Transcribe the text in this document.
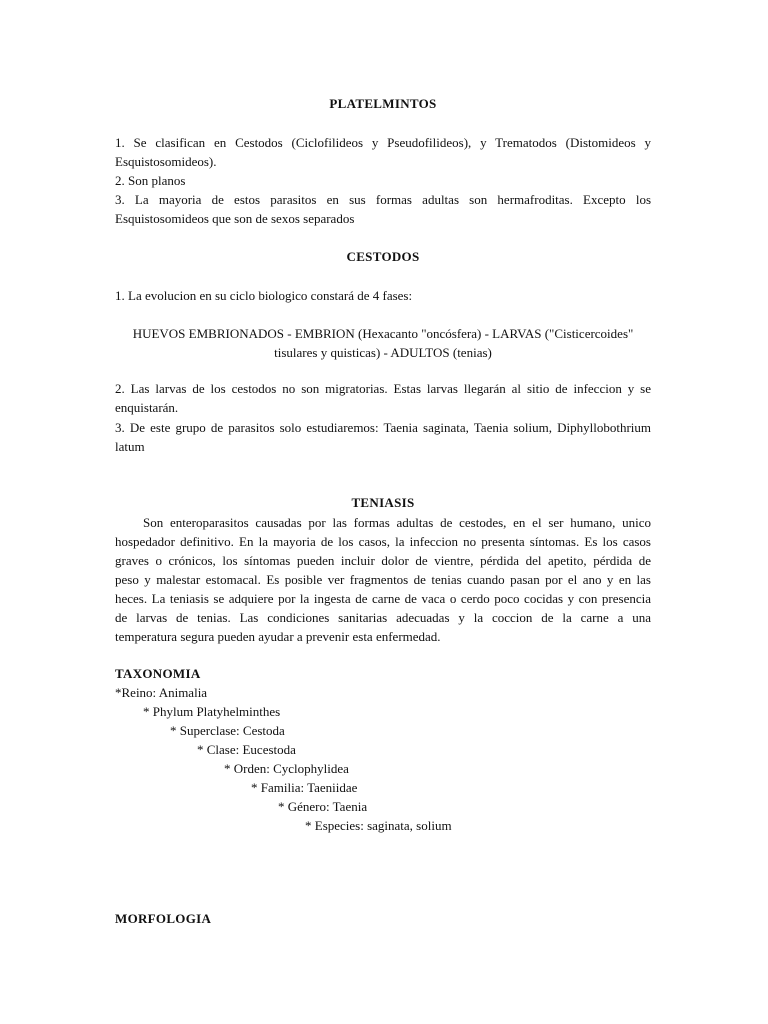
PLATELMINTOS
1. Se clasifican en Cestodos (Ciclofilideos y Pseudofilideos), y Trematodos (Distomideos y
Esquistosomideos).
2. Son planos
3. La mayoria de estos parasitos en sus formas adultas son hermafroditas. Excepto los
Esquistosomideos que son de sexos separados
CESTODOS
1. La evolucion en su ciclo biologico constará de 4 fases:
HUEVOS EMBRIONADOS - EMBRION (Hexacanto "oncósfera) - LARVAS ("Cisticercoides"
tisulares y quisticas) - ADULTOS (tenias)
2. Las larvas de los cestodos no son migratorias. Estas larvas llegarán al sitio de infeccion y se
enquistarán.
3. De este grupo de parasitos solo estudiaremos: Taenia saginata, Taenia solium, Diphyllobothrium
latum
TENIASIS
Son enteroparasitos causadas por las formas adultas de cestodes, en el ser humano, unico
hospedador definitivo. En la mayoria de los casos, la infeccion no presenta síntomas. Es los casos
graves o crónicos, los síntomas pueden incluir dolor de vientre, pérdida del apetito, pérdida de
peso y malestar estomacal. Es posible ver fragmentos de tenias cuando pasan por el ano y en las
heces. La teniasis se adquiere por la ingesta de carne de vaca o cerdo poco cocidas y con presencia
de larvas de tenias. Las condiciones sanitarias adecuadas y la coccion de la carne a una
temperatura segura pueden ayudar a prevenir esta enfermedad.
TAXONOMIA
*Reino: Animalia
* Phylum Platyhelminthes
* Superclase: Cestoda
* Clase: Eucestoda
* Orden: Cyclophylidea
* Familia: Taeniidae
* Género: Taenia
* Especies: saginata, solium
MORFOLOGIA
